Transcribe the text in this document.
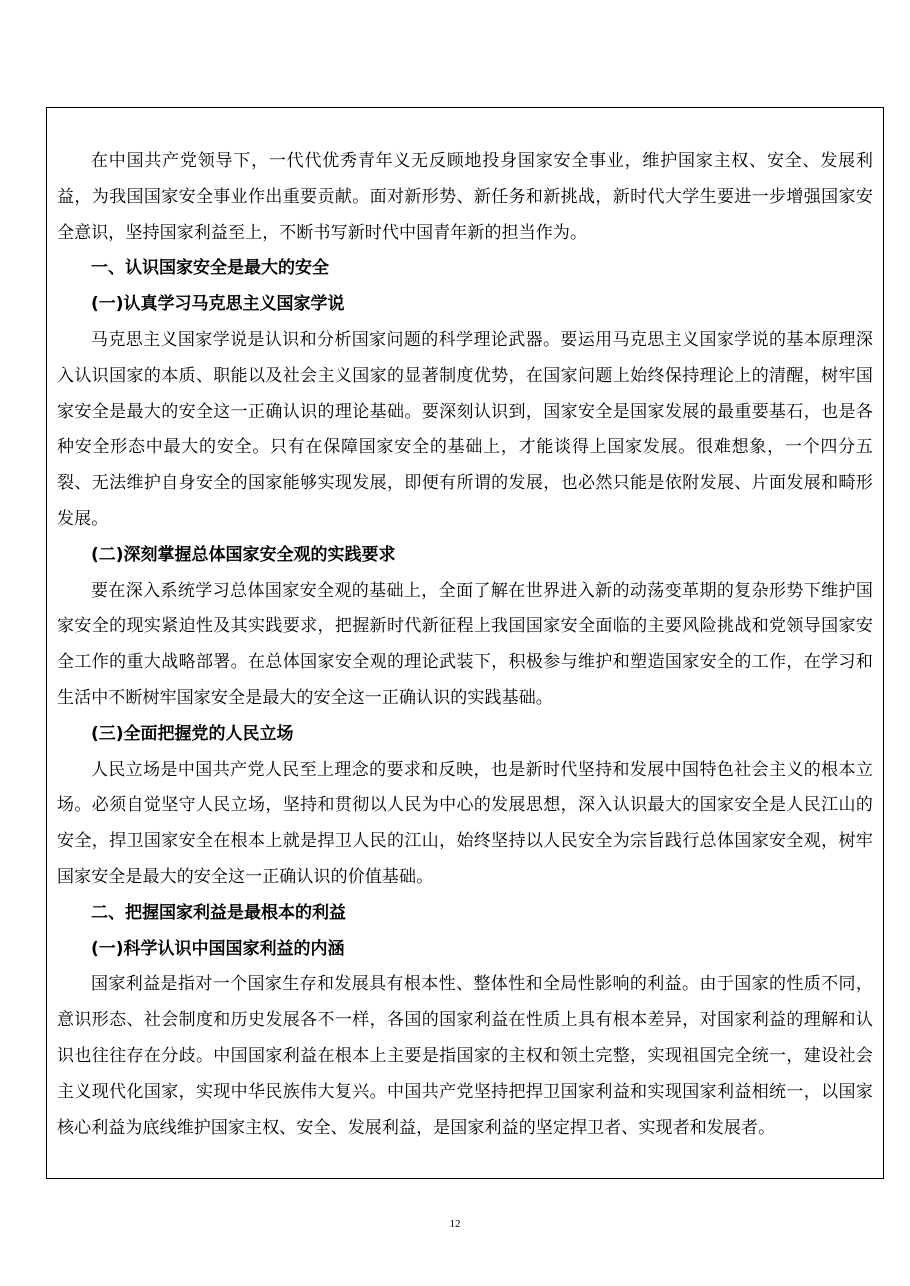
在中国共产党领导下，一代代优秀青年义无反顾地投身国家安全事业，维护国家主权、安全、发展利益，为我国国家安全事业作出重要贡献。面对新形势、新任务和新挑战，新时代大学生要进一步增强国家安全意识，坚持国家利益至上，不断书写新时代中国青年新的担当作为。

一、认识国家安全是最大的安全

(一)认真学习马克思主义国家学说

马克思主义国家学说是认识和分析国家问题的科学理论武器。要运用马克思主义国家学说的基本原理深入认识国家的本质、职能以及社会主义国家的显著制度优势，在国家问题上始终保持理论上的清醒，树牢国家安全是最大的安全这一正确认识的理论基础。要深刻认识到，国家安全是国家发展的最重要基石，也是各种安全形态中最大的安全。只有在保障国家安全的基础上，才能谈得上国家发展。很难想象，一个四分五裂、无法维护自身安全的国家能够实现发展，即便有所谓的发展，也必然只能是依附发展、片面发展和畸形发展。

(二)深刻掌握总体国家安全观的实践要求

要在深入系统学习总体国家安全观的基础上，全面了解在世界进入新的动荡变革期的复杂形势下维护国家安全的现实紧迫性及其实践要求，把握新时代新征程上我国国家安全面临的主要风险挑战和党领导国家安全工作的重大战略部署。在总体国家安全观的理论武装下，积极参与维护和塑造国家安全的工作，在学习和生活中不断树牢国家安全是最大的安全这一正确认识的实践基础。

(三)全面把握党的人民立场

人民立场是中国共产党人民至上理念的要求和反映，也是新时代坚持和发展中国特色社会主义的根本立场。必须自觉坚守人民立场，坚持和贯彻以人民为中心的发展思想，深入认识最大的国家安全是人民江山的安全，捍卫国家安全在根本上就是捍卫人民的江山，始终坚持以人民安全为宗旨践行总体国家安全观，树牢国家安全是最大的安全这一正确认识的价值基础。

二、把握国家利益是最根本的利益

(一)科学认识中国国家利益的内涵

国家利益是指对一个国家生存和发展具有根本性、整体性和全局性影响的利益。由于国家的性质不同，意识形态、社会制度和历史发展各不一样，各国的国家利益在性质上具有根本差异，对国家利益的理解和认识也往往存在分歧。中国国家利益在根本上主要是指国家的主权和领土完整，实现祖国完全统一，建设社会主义现代化国家，实现中华民族伟大复兴。中国共产党坚持把捍卫国家利益和实现国家利益相统一，以国家核心利益为底线维护国家主权、安全、发展利益，是国家利益的坚定捍卫者、实现者和发展者。

12
